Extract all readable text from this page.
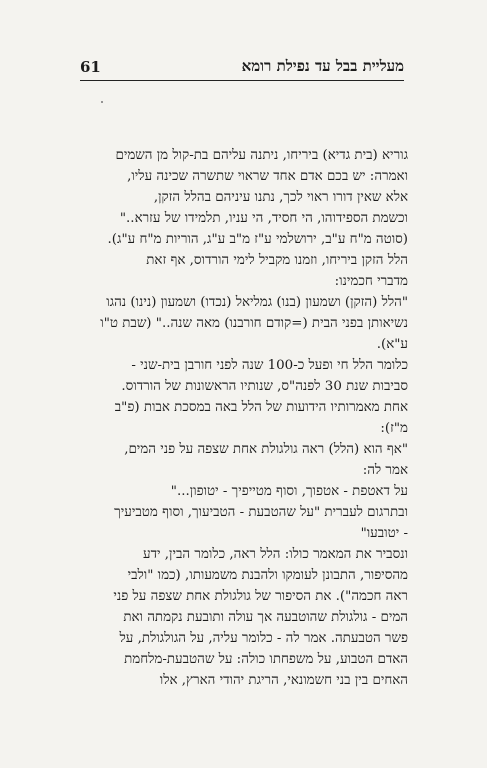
61	מעליית בבל עד נפילת רומא
גוריא (בית גדיא) ביריחו, ניתנה עליהם בת-קול מן השמים
ואמרה: יש בכם אדם אחד שראוי שתשרה שכינה עליו,
אלא שאין דורו ראוי לכך, נתנו עיניהם בהלל הזקן,
וכשמת הספידוהו, הי חסיד, הי עניו, תלמידו של עזרא.."
(סוטה מ"ח ע"ב, ירושלמי ע"ז מ"ב ע"ג, הוריות מ"ח ע"ג).
הלל הזקן ביריחו, וזמנו מקביל לימי הורדוס, אף זאת
מדברי חכמינו:
"הלל (הזקן) ושמעון (בנו) גמליאל (נכדו) ושמעון (נינו) נהגו
נשיאותן בפני הבית (=קודם חורבנו) מאה שנה.." (שבת ט"ו
ע"א).
כלומר הלל חי ופעל כ-100 שנה לפני חורבן בית-שני -
סביבות שנת 30 לפנה"ס, שנותיו הראשונות של הורדוס.
אחת מאמרותיו הידועות של הלל באה במסכת אבות (פ"ב
מ"ז):
"אף הוא (הלל) ראה גולגולת אחת שצפה על פני המים,
אמר לה:
על דאטפת - אטפוך, וסוף מטייפיך - יטופון..."
ובתרגום לעברית "על שהטבעת - הטביעוך, וסוף מטביעיך
- יטובעו"
ונסביר את המאמר כולו: הלל ראה, כלומר הבין, ידע
מהסיפור, התבונן לעומקו ולהבנת משמעותו, (כמו "ולבי
ראה חכמה"). את הסיפור של גולגולת אחת שצפה על פני
המים - גולגולת שהוטבעה אך עולה ותובעת נקמתה ואת
פשר הטבעתה. אמר לה - כלומר עליה, על הגולגולת, על
האדם הטבוע, על משפחתו כולה: על שהטבעת-מלחמת
האחים בין בני חשמונאי, הריגת יהודי הארץ, אלו
